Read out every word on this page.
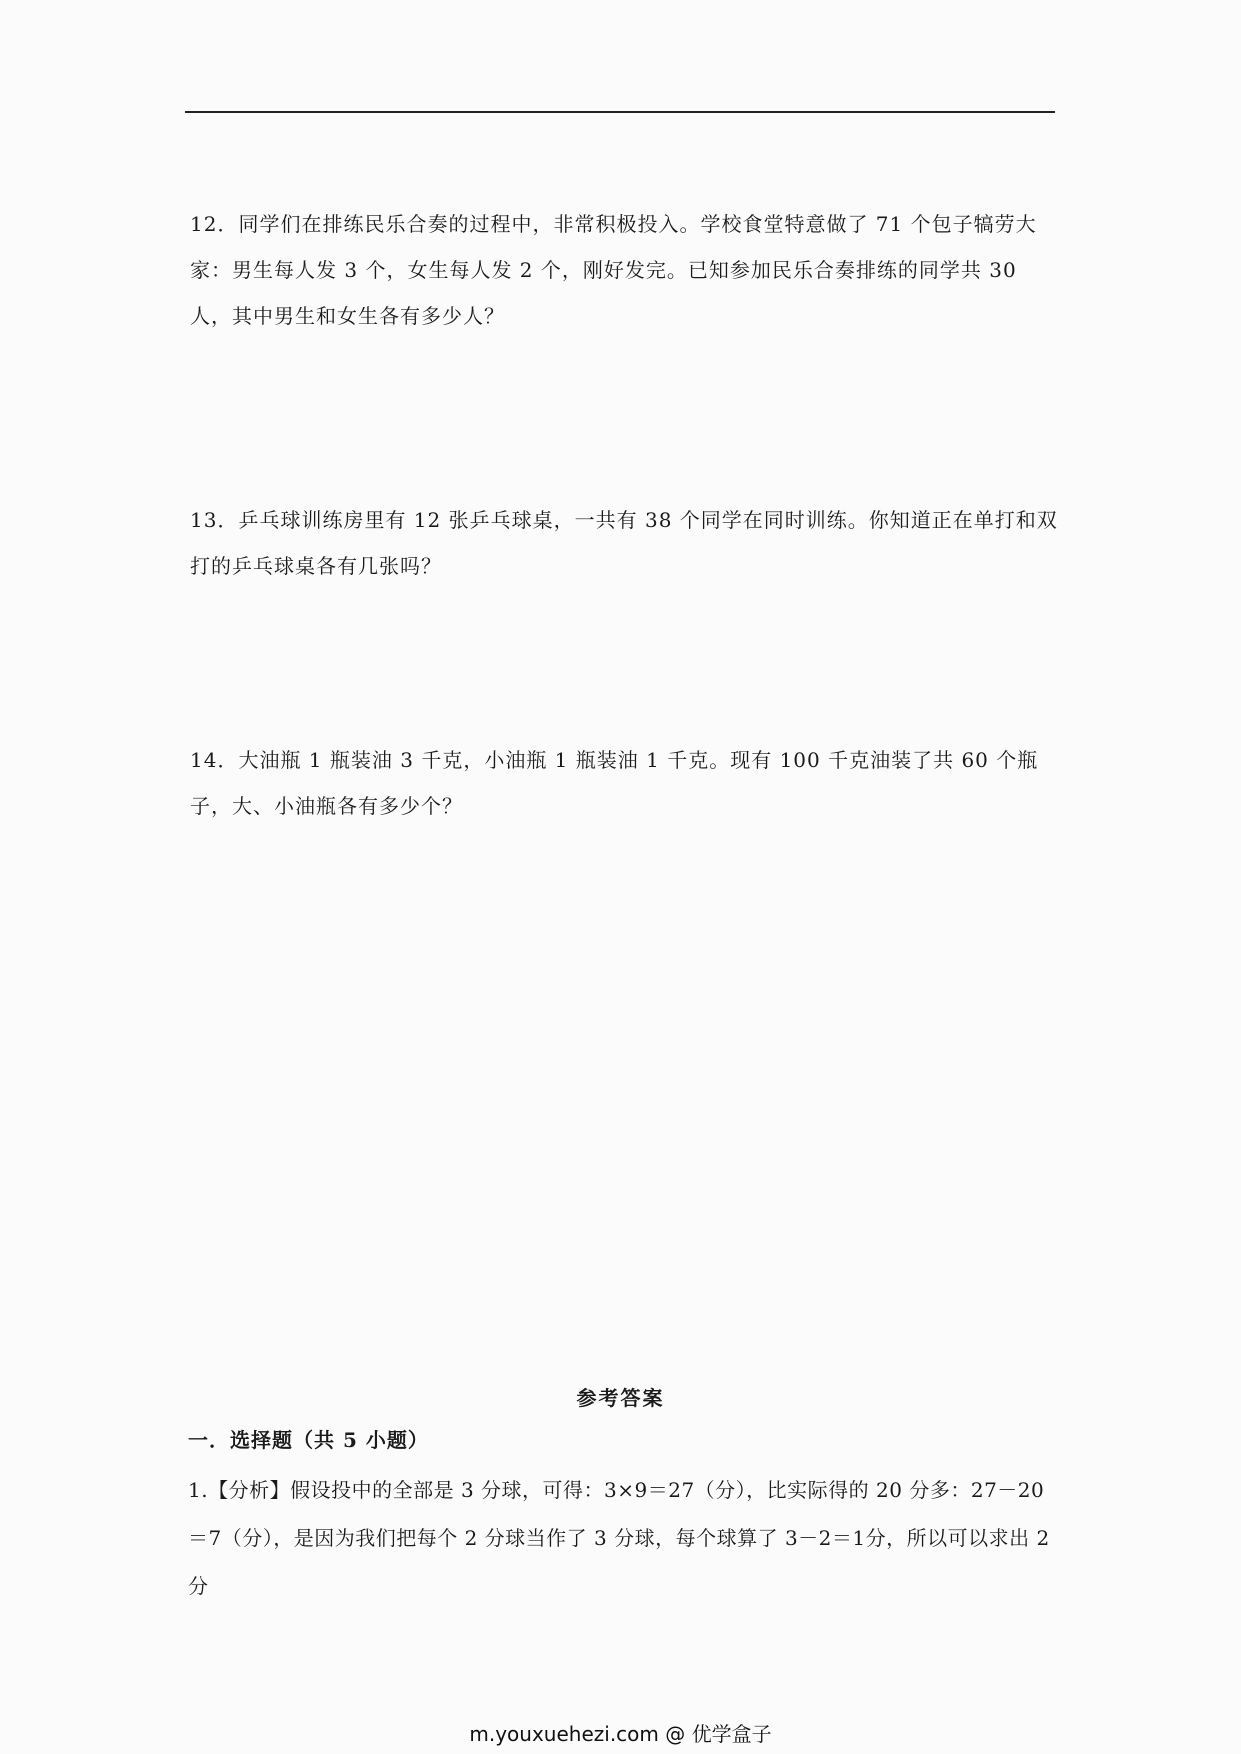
12．同学们在排练民乐合奏的过程中，非常积极投入。学校食堂特意做了 71 个包子犒劳大家：男生每人发 3 个，女生每人发 2 个，刚好发完。已知参加民乐合奏排练的同学共 30 人，其中男生和女生各有多少人？
13．乒乓球训练房里有 12 张乒乓球桌，一共有 38 个同学在同时训练。你知道正在单打和双打的乒乓球桌各有几张吗？
14．大油瓶 1 瓶装油 3 千克，小油瓶 1 瓶装油 1 千克。现有 100 千克油装了共 60 个瓶子，大、小油瓶各有多少个？
参考答案
一．选择题（共 5 小题）
1.【分析】假设投中的全部是 3 分球，可得：3×9＝27（分），比实际得的 20 分多：27－20＝7（分），是因为我们把每个 2 分球当作了 3 分球，每个球算了 3－2＝1分，所以可以求出 2 分
m.youxuehezi.com @ 优学盒子
